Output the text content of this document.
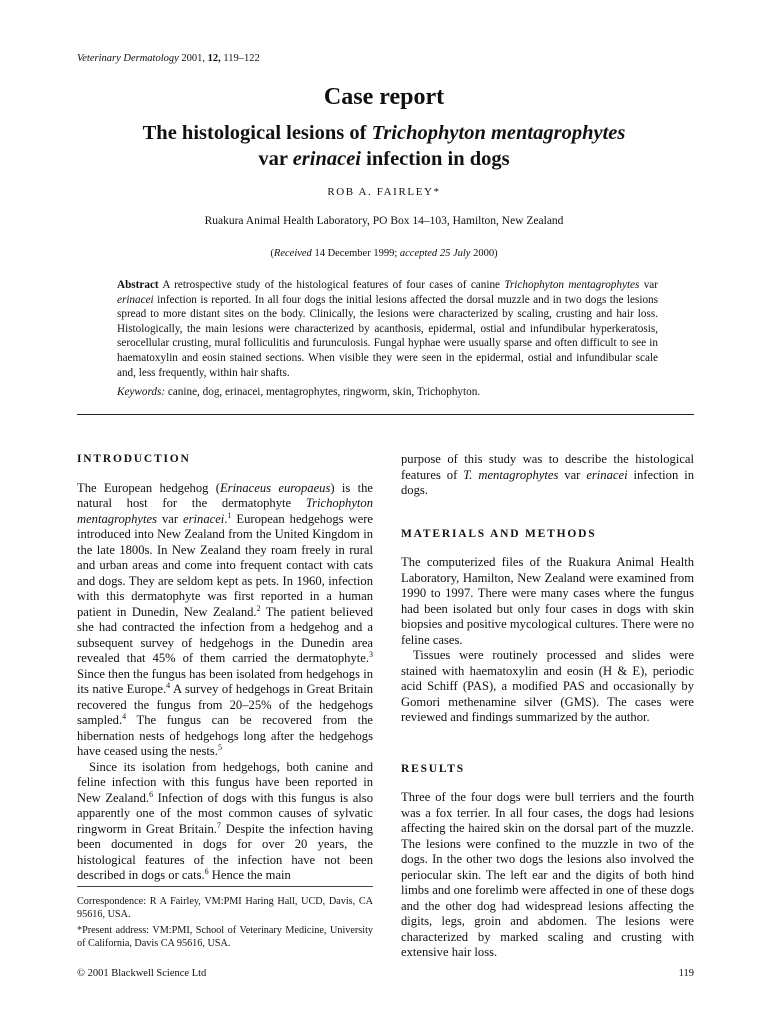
Veterinary Dermatology 2001, 12, 119–122
Case report
The histological lesions of Trichophyton mentagrophytes
var erinacei infection in dogs
ROB A. FAIRLEY*
Ruakura Animal Health Laboratory, PO Box 14–103, Hamilton, New Zealand
(Received 14 December 1999; accepted 25 July 2000)
Abstract A retrospective study of the histological features of four cases of canine Trichophyton mentagrophytes var erinacei infection is reported. In all four dogs the initial lesions affected the dorsal muzzle and in two dogs the lesions spread to more distant sites on the body. Clinically, the lesions were characterized by scaling, crusting and hair loss. Histologically, the main lesions were characterized by acanthosis, epidermal, ostial and infundibular hyperkeratosis, serocellular crusting, mural folliculitis and furunculosis. Fungal hyphae were usually sparse and often difficult to see in haematoxylin and eosin stained sections. When visible they were seen in the epidermal, ostial and infundibular scale and, less frequently, within hair shafts.
Keywords: canine, dog, erinacei, mentagrophytes, ringworm, skin, Trichophyton.
INTRODUCTION

The European hedgehog (Erinaceus europaeus) is the natural host for the dermatophyte Trichophyton mentagrophytes var erinacei.$^1$ European hedgehogs were introduced into New Zealand from the United Kingdom in the late 1800s. In New Zealand they roam freely in rural and urban areas and come into frequent contact with cats and dogs. They are seldom kept as pets. In 1960, infection with this dermatophyte was first reported in a human patient in Dunedin, New Zealand.$^2$ The patient believed she had contracted the infection from a hedgehog and a subsequent survey of hedgehogs in the Dunedin area revealed that 45% of them carried the dermatophyte.$^3$ Since then the fungus has been isolated from hedgehogs in its native Europe.$^4$ A survey of hedgehogs in Great Britain recovered the fungus from 20–25% of the hedgehogs sampled.$^4$ The fungus can be recovered from the hibernation nests of hedgehogs long after the hedgehogs have ceased using the nests.$^5$

Since its isolation from hedgehogs, both canine and feline infection with this fungus have been reported in New Zealand.$^6$ Infection of dogs with this fungus is also apparently one of the most common causes of sylvatic ringworm in Great Britain.$^7$ Despite the infection having been documented in dogs for over 20 years, the histological features of the infection have not been described in dogs or cats.$^6$ Hence the main

Correspondence: R A Fairley, VM:PMI Haring Hall, UCD, Davis, CA 95616, USA.
*Present address: VM:PMI, School of Veterinary Medicine, University of California, Davis CA 95616, USA.

purpose of this study was to describe the histological features of T. mentagrophytes var erinacei infection in dogs.

MATERIALS AND METHODS

The computerized files of the Ruakura Animal Health Laboratory, Hamilton, New Zealand were examined from 1990 to 1997. There were many cases where the fungus had been isolated but only four cases in dogs with skin biopsies and positive mycological cultures. There were no feline cases.

Tissues were routinely processed and slides were stained with haematoxylin and eosin (H & E), periodic acid Schiff (PAS), a modified PAS and occasionally by Gomori methenamine silver (GMS). The cases were reviewed and findings summarized by the author.

RESULTS

Three of the four dogs were bull terriers and the fourth was a fox terrier. In all four cases, the dogs had lesions affecting the haired skin on the dorsal part of the muzzle. The lesions were confined to the muzzle in two of the dogs. In the other two dogs the lesions also involved the periocular skin. The left ear and the digits of both hind limbs and one forelimb were affected in one of these dogs and the other dog had widespread lesions affecting the digits, legs, groin and abdomen. The lesions were characterized by marked scaling and crusting with extensive hair loss.

© 2001 Blackwell Science Ltd	119
